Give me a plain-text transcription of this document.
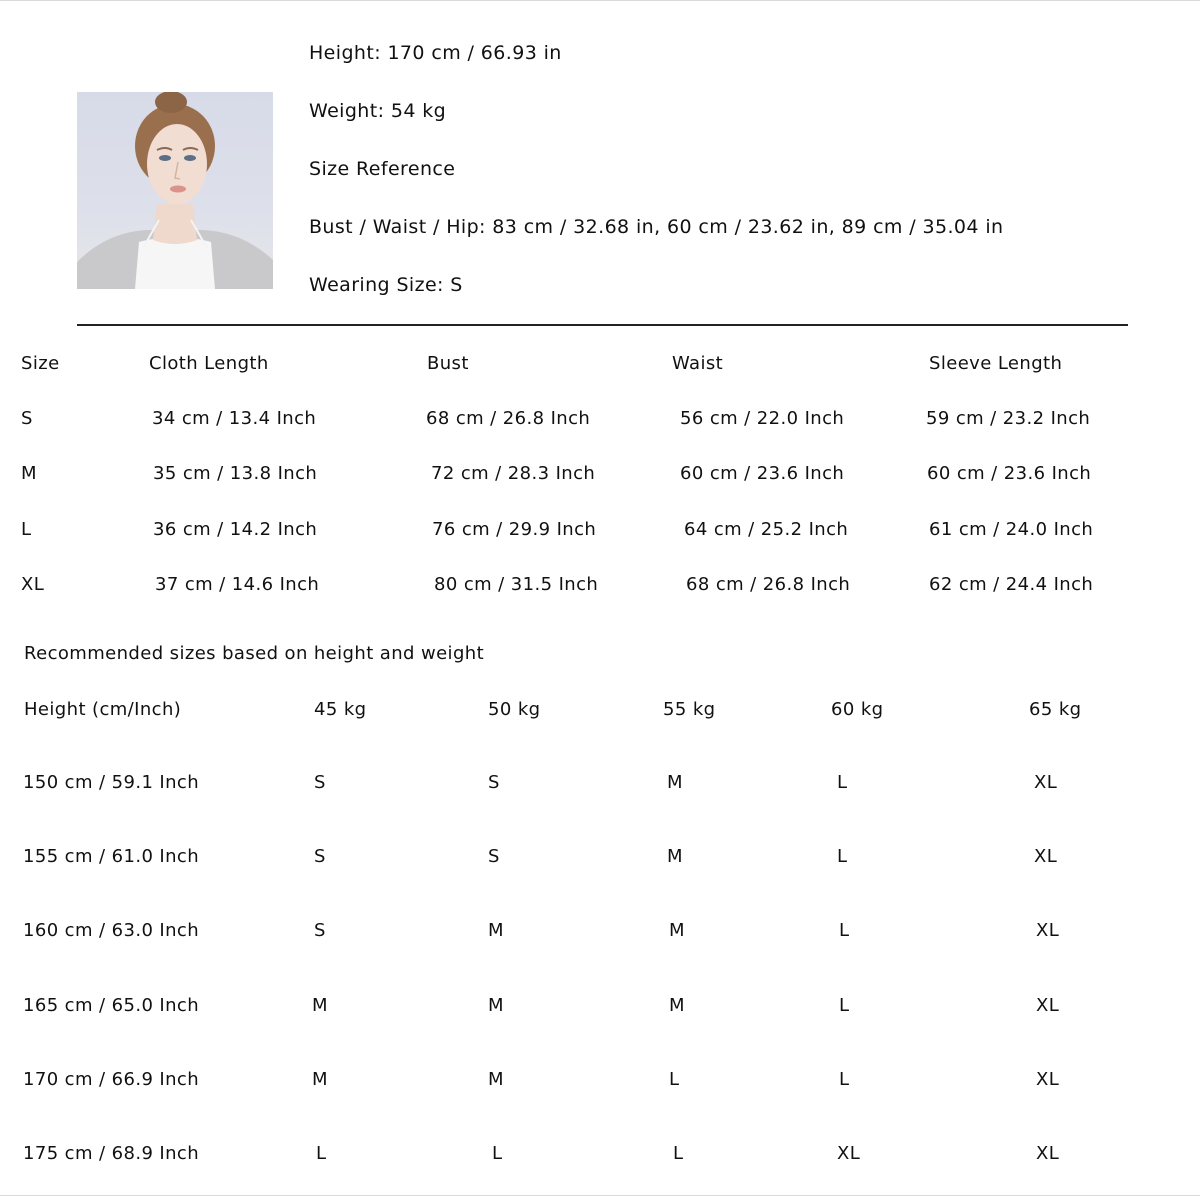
Height: 170 cm / 66.93 in
Weight: 54 kg
Size Reference
Bust / Waist / Hip: 83 cm / 32.68 in, 60 cm / 23.62 in, 89 cm / 35.04 in
Wearing Size: S
Size	Cloth Length	Bust	Waist	Sleeve Length
S	34 cm / 13.4 Inch	68 cm / 26.8 Inch	56 cm / 22.0 Inch	59 cm / 23.2 Inch
M	35 cm / 13.8 Inch	72 cm / 28.3 Inch	60 cm / 23.6 Inch	60 cm / 23.6 Inch
L	36 cm / 14.2 Inch	76 cm / 29.9 Inch	64 cm / 25.2 Inch	61 cm / 24.0 Inch
XL	37 cm / 14.6 Inch	80 cm / 31.5 Inch	68 cm / 26.8 Inch	62 cm / 24.4 Inch
Recommended sizes based on height and weight
Height (cm/Inch)	45 kg	50 kg	55 kg	60 kg	65 kg
150 cm / 59.1 Inch	S	S	M	L	XL
155 cm / 61.0 Inch	S	S	M	L	XL
160 cm / 63.0 Inch	S	M	M	L	XL
165 cm / 65.0 Inch	M	M	M	L	XL
170 cm / 66.9 Inch	M	M	L	L	XL
175 cm / 68.9 Inch	L	L	L	XL	XL
